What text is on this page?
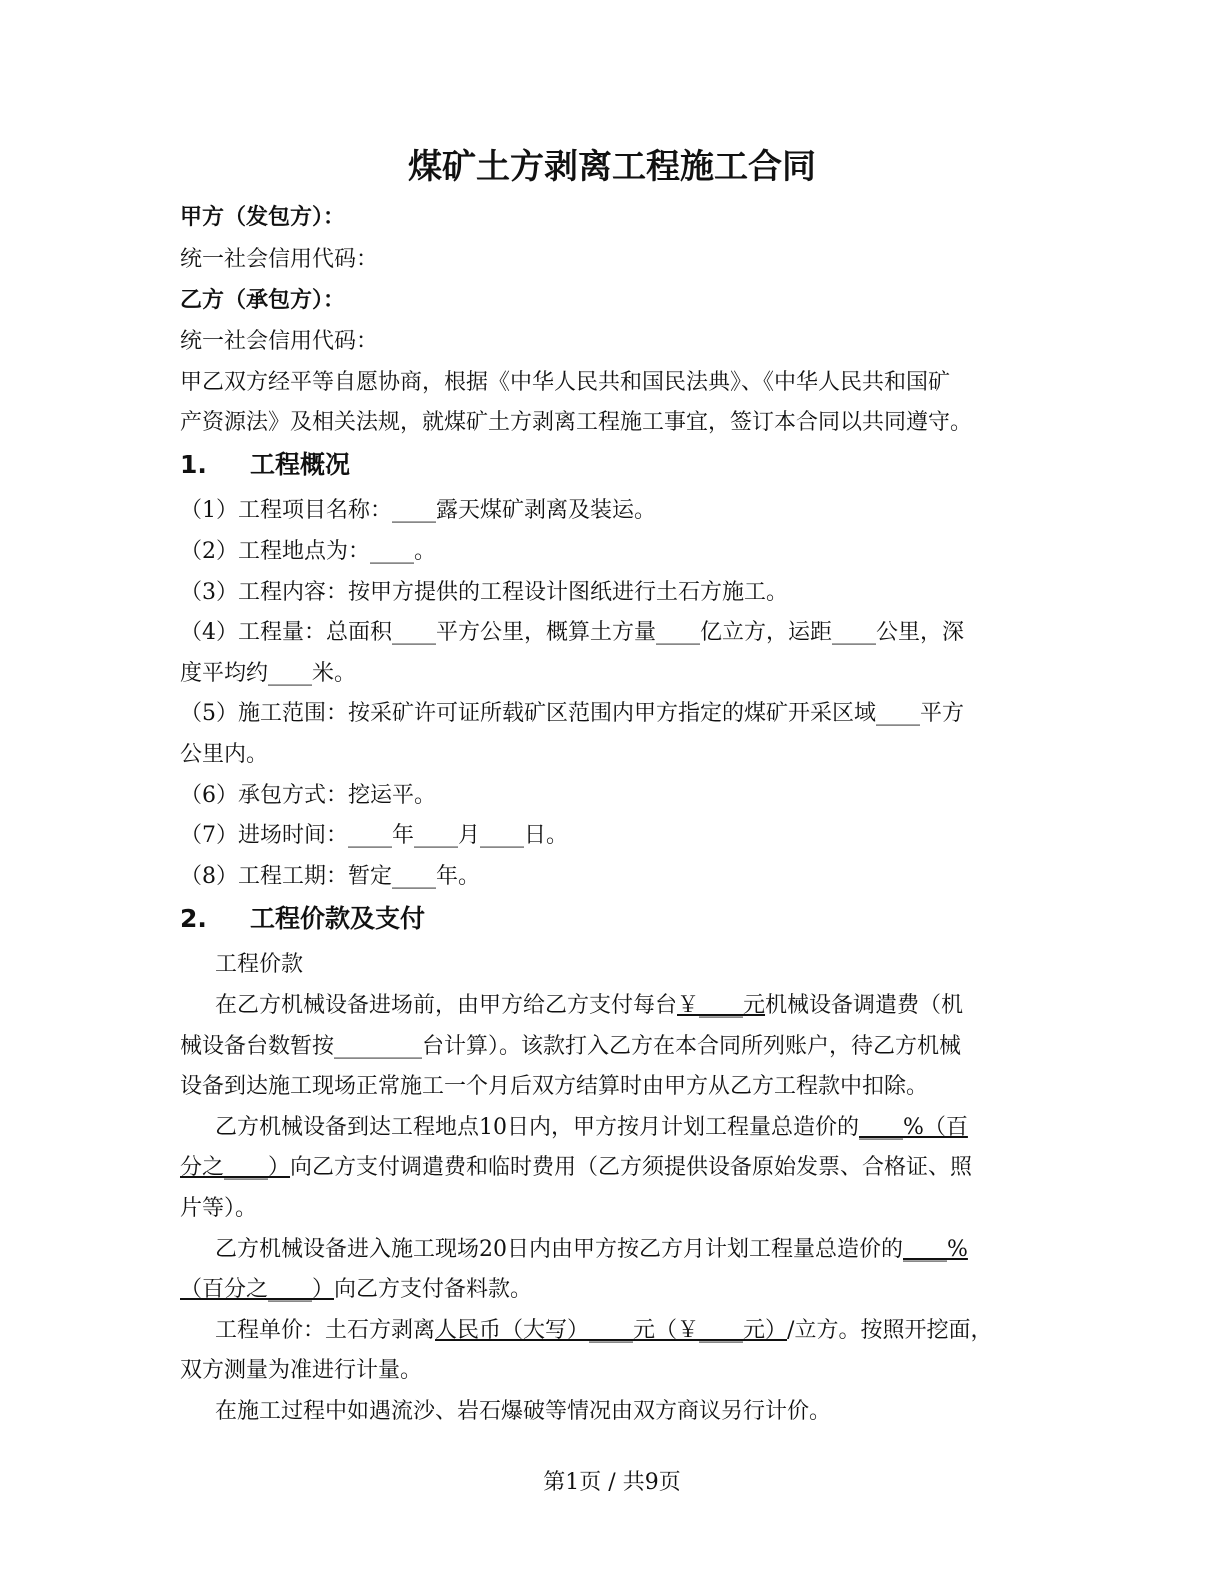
煤矿土方剥离工程施工合同
甲方（发包方）：
统一社会信用代码：
乙方（承包方）：
统一社会信用代码：
甲乙双方经平等自愿协商，根据《中华人民共和国民法典》、《中华人民共和国矿
产资源法》及相关法规，就煤矿土方剥离工程施工事宜，签订本合同以共同遵守。
1. 工程概况
（1）工程项目名称：____露天煤矿剥离及装运。
（2）工程地点为：____。
（3）工程内容：按甲方提供的工程设计图纸进行土石方施工。
（4）工程量：总面积____平方公里，概算土方量____亿立方，运距____公里，深
度平均约____米。
（5）施工范围：按采矿许可证所载矿区范围内甲方指定的煤矿开采区域____平方
公里内。
（6）承包方式：挖运平。
（7）进场时间：____年____月____日。
（8）工程工期：暂定____年。
2. 工程价款及支付
工程价款
在乙方机械设备进场前，由甲方给乙方支付每台￥____元机械设备调遣费（机
械设备台数暂按________台计算）。该款打入乙方在本合同所列账户，待乙方机械
设备到达施工现场正常施工一个月后双方结算时由甲方从乙方工程款中扣除。
乙方机械设备到达工程地点10日内，甲方按月计划工程量总造价的____%（百
分之____）向乙方支付调遣费和临时费用（乙方须提供设备原始发票、合格证、照
片等）。
乙方机械设备进入施工现场20日内由甲方按乙方月计划工程量总造价的____%
（百分之____）向乙方支付备料款。
工程单价：土石方剥离人民币（大写）____元（￥____元）/立方。按照开挖面，
双方测量为准进行计量。
在施工过程中如遇流沙、岩石爆破等情况由双方商议另行计价。
第1页 / 共9页
